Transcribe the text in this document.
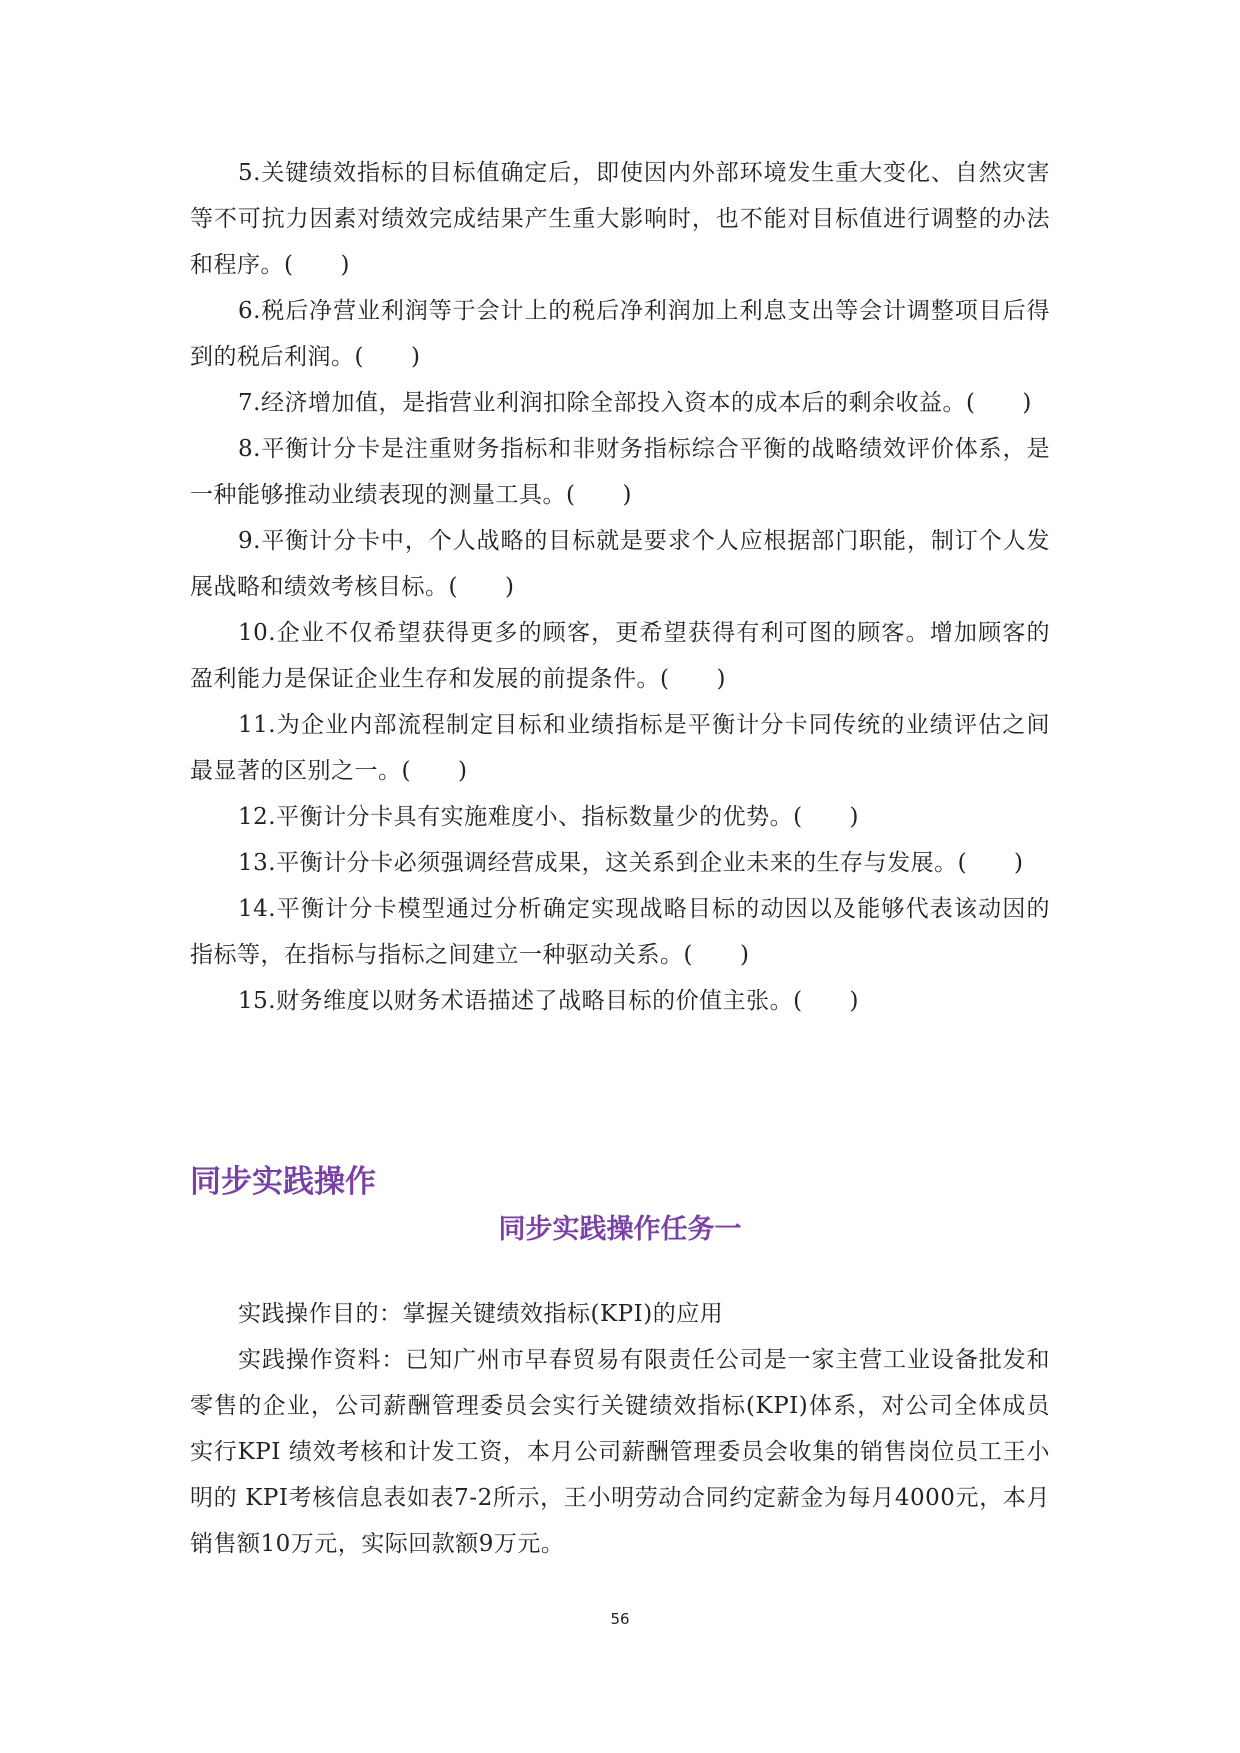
5.关键绩效指标的目标值确定后，即使因内外部环境发生重大变化、自然灾害等不可抗力因素对绩效完成结果产生重大影响时，也不能对目标值进行调整的办法和程序。(　　)

6.税后净营业利润等于会计上的税后净利润加上利息支出等会计调整项目后得到的税后利润。(　　)

7.经济增加值，是指营业利润扣除全部投入资本的成本后的剩余收益。(　　)

8.平衡计分卡是注重财务指标和非财务指标综合平衡的战略绩效评价体系，是一种能够推动业绩表现的测量工具。(　　)

9.平衡计分卡中，个人战略的目标就是要求个人应根据部门职能，制订个人发展战略和绩效考核目标。(　　)

10.企业不仅希望获得更多的顾客，更希望获得有利可图的顾客。增加顾客的盈利能力是保证企业生存和发展的前提条件。(　　)

11.为企业内部流程制定目标和业绩指标是平衡计分卡同传统的业绩评估之间最显著的区别之一。(　　)

12.平衡计分卡具有实施难度小、指标数量少的优势。(　　)

13.平衡计分卡必须强调经营成果，这关系到企业未来的生存与发展。(　　)

14.平衡计分卡模型通过分析确定实现战略目标的动因以及能够代表该动因的指标等，在指标与指标之间建立一种驱动关系。(　　)

15.财务维度以财务术语描述了战略目标的价值主张。(　　)

同步实践操作
同步实践操作任务一

实践操作目的：掌握关键绩效指标(KPI)的应用

实践操作资料：已知广州市早春贸易有限责任公司是一家主营工业设备批发和零售的企业，公司薪酬管理委员会实行关键绩效指标(KPI)体系，对公司全体成员实行KPI 绩效考核和计发工资，本月公司薪酬管理委员会收集的销售岗位员工王小明的 KPI考核信息表如表7-2所示，王小明劳动合同约定薪金为每月4000元，本月销售额10万元，实际回款额9万元。

56
